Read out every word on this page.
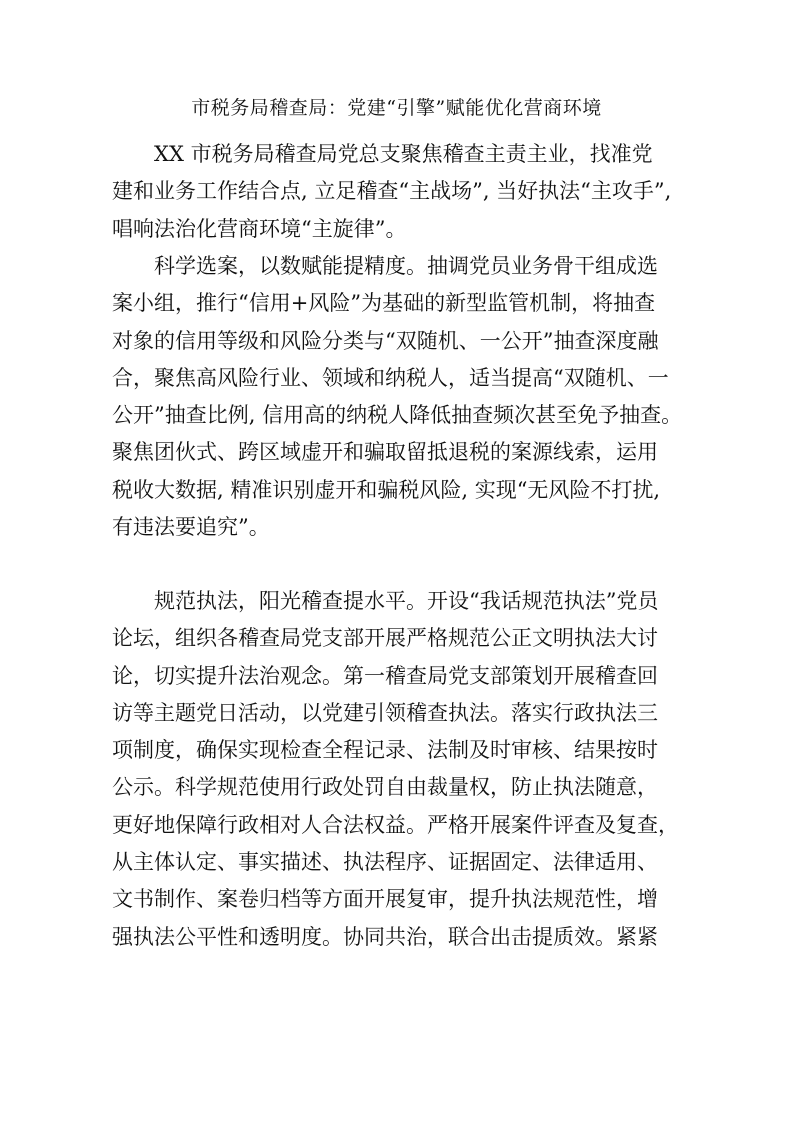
市税务局稽查局：党建“引擎”赋能优化营商环境
XX 市税务局稽查局党总支聚焦稽查主责主业，找准党
建和业务工作结合点, 立足稽查“主战场”, 当好执法“主攻手”,
唱响法治化营商环境“主旋律”。
科学选案，以数赋能提精度。抽调党员业务骨干组成选
案小组，推行“信用+风险”为基础的新型监管机制，将抽查
对象的信用等级和风险分类与“双随机、一公开”抽查深度融
合，聚焦高风险行业、领域和纳税人，适当提高“双随机、一
公开”抽查比例, 信用高的纳税人降低抽查频次甚至免予抽查。
聚焦团伙式、跨区域虚开和骗取留抵退税的案源线索，运用
税收大数据, 精准识别虚开和骗税风险, 实现“无风险不打扰,
有违法要追究”。
规范执法，阳光稽查提水平。开设“我话规范执法”党员
论坛，组织各稽查局党支部开展严格规范公正文明执法大讨
论，切实提升法治观念。第一稽查局党支部策划开展稽查回
访等主题党日活动，以党建引领稽查执法。落实行政执法三
项制度，确保实现检查全程记录、法制及时审核、结果按时
公示。科学规范使用行政处罚自由裁量权，防止执法随意，
更好地保障行政相对人合法权益。严格开展案件评查及复查，
从主体认定、事实描述、执法程序、证据固定、法律适用、
文书制作、案卷归档等方面开展复审，提升执法规范性，增
强执法公平性和透明度。协同共治，联合出击提质效。紧紧
